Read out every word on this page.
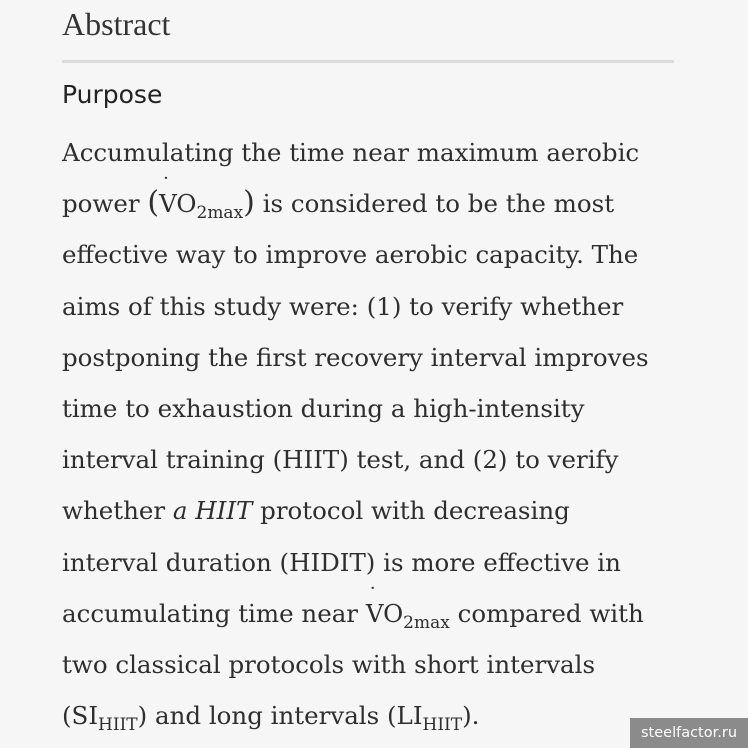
Abstract
Purpose
Accumulating the time near maximum aerobic
power (
·
$VO_{2max}$) is considered to be the most
effective way to improve aerobic capacity. The
aims of this study were: (1) to verify whether
postponing the first recovery interval improves
time to exhaustion during a high-intensity
interval training (HIIT) test, and (2) to verify
whether a HIIT protocol with decreasing
interval duration (HIDIT) is more effective in
accumulating time near
·
$VO_{2max}$ compared with
two classical protocols with short intervals
$(SI_{HIIT})$ and long intervals $(LI_{HIIT})$.
steelfactor.ru
